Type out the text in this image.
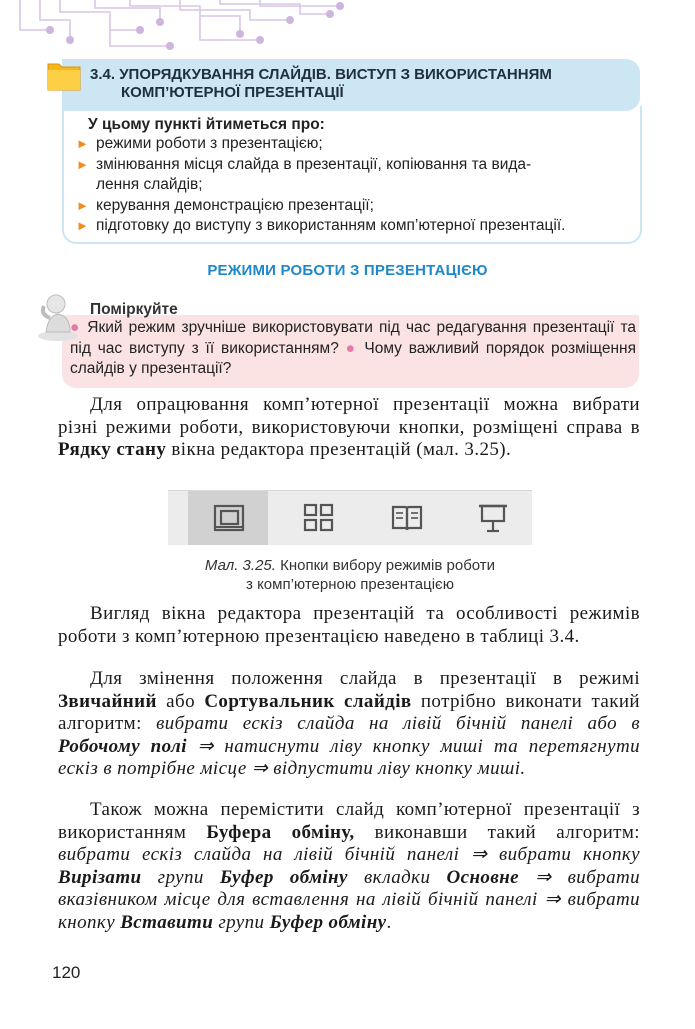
3.4. УПОРЯДКУВАННЯ СЛАЙДІВ. ВИСТУП З ВИКОРИСТАННЯМ
КОМП’ЮТЕРНОЇ ПРЕЗЕНТАЦІЇ
У цьому пункті йтиметься про:
► режими роботи з презентацією;
► змінювання місця слайда в презентації, копіювання та вида-
лення слайдів;
► керування демонстрацією презентації;
► підготовку до виступу з використанням комп’ютерної презентації.
РЕЖИМИ РОБОТИ З ПРЕЗЕНТАЦІЄЮ
Поміркуйте
● Який режим зручніше використовувати під час редагування презентації та під час виступу з її використанням? ● Чому важливий порядок розміщення слайдів у презентації?

Для опрацювання комп’ютерної презентації можна вибрати різні режими роботи, використовуючи кнопки, розміщені справа в Рядку стану вікна редактора презентацій (мал. 3.25).

Мал. 3.25. Кнопки вибору режимів роботи
з комп’ютерною презентацією

Вигляд вікна редактора презентацій та особливості режимів роботи з комп’ютерною презентацією наведено в таблиці 3.4.

Для змінення положення слайда в презентації в режимі Звичайний або Сортувальник слайдів потрібно виконати такий алгоритм: вибрати ескіз слайда на лівій бічній панелі або в Робочому полі ⇒ натиснути ліву кнопку миші та перетягнути ескіз в потрібне місце ⇒ відпустити ліву кнопку миші.

Також можна перемістити слайд комп’ютерної презентації з використанням Буфера обміну, виконавши такий алгоритм: вибрати ескіз слайда на лівій бічній панелі ⇒ вибрати кнопку Вирізати групи Буфер обміну вкладки Основне ⇒ вибрати вказівником місце для вставлення на лівій бічній панелі ⇒ вибрати кнопку Вставити групи Буфер обміну.

120
